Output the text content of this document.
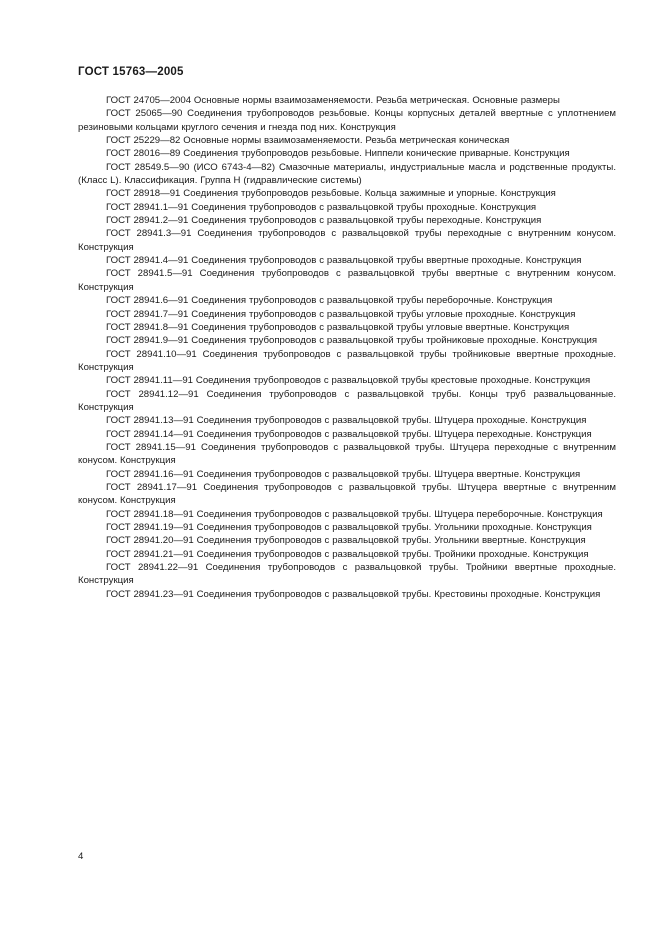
ГОСТ 15763—2005
ГОСТ 24705—2004 Основные нормы взаимозаменяемости. Резьба метрическая. Основные размеры
ГОСТ 25065—90 Соединения трубопроводов резьбовые. Концы корпусных деталей ввертные с уплотнением резиновыми кольцами круглого сечения и гнезда под них. Конструкция
ГОСТ 25229—82 Основные нормы взаимозаменяемости. Резьба метрическая коническая
ГОСТ 28016—89 Соединения трубопроводов резьбовые. Ниппели конические приварные. Конструкция
ГОСТ 28549.5—90 (ИСО 6743-4—82) Смазочные материалы, индустриальные масла и родственные продукты. (Класс L). Классификация. Группа Н (гидравлические системы)
ГОСТ 28918—91 Соединения трубопроводов резьбовые. Кольца зажимные и упорные. Конструкция
ГОСТ 28941.1—91 Соединения трубопроводов с развальцовкой трубы проходные. Конструкция
ГОСТ 28941.2—91 Соединения трубопроводов с развальцовкой трубы переходные. Конструкция
ГОСТ 28941.3—91 Соединения трубопроводов с развальцовкой трубы переходные с внутренним конусом. Конструкция
ГОСТ 28941.4—91 Соединения трубопроводов с развальцовкой трубы ввертные проходные. Конструкция
ГОСТ 28941.5—91 Соединения трубопроводов с развальцовкой трубы ввертные с внутренним конусом. Конструкция
ГОСТ 28941.6—91 Соединения трубопроводов с развальцовкой трубы переборочные. Конструкция
ГОСТ 28941.7—91 Соединения трубопроводов с развальцовкой трубы угловые проходные. Конструкция
ГОСТ 28941.8—91 Соединения трубопроводов с развальцовкой трубы угловые ввертные. Конструкция
ГОСТ 28941.9—91 Соединения трубопроводов с развальцовкой трубы тройниковые проходные. Конструкция
ГОСТ 28941.10—91 Соединения трубопроводов с развальцовкой трубы тройниковые ввертные проходные. Конструкция
ГОСТ 28941.11—91 Соединения трубопроводов с развальцовкой трубы крестовые проходные. Конструкция
ГОСТ 28941.12—91 Соединения трубопроводов с развальцовкой трубы. Концы труб развальцованные. Конструкция
ГОСТ 28941.13—91 Соединения трубопроводов с развальцовкой трубы. Штуцера проходные. Конструкция
ГОСТ 28941.14—91 Соединения трубопроводов с развальцовкой трубы. Штуцера переходные. Конструкция
ГОСТ 28941.15—91 Соединения трубопроводов с развальцовкой трубы. Штуцера переходные с внутренним конусом. Конструкция
ГОСТ 28941.16—91 Соединения трубопроводов с развальцовкой трубы. Штуцера ввертные. Конструкция
ГОСТ 28941.17—91 Соединения трубопроводов с развальцовкой трубы. Штуцера ввертные с внутренним конусом. Конструкция
ГОСТ 28941.18—91 Соединения трубопроводов с развальцовкой трубы. Штуцера переборочные. Конструкция
ГОСТ 28941.19—91 Соединения трубопроводов с развальцовкой трубы. Угольники проходные. Конструкция
ГОСТ 28941.20—91 Соединения трубопроводов с развальцовкой трубы. Угольники ввертные. Конструкция
ГОСТ 28941.21—91 Соединения трубопроводов с развальцовкой трубы. Тройники проходные. Конструкция
ГОСТ 28941.22—91 Соединения трубопроводов с развальцовкой трубы. Тройники ввертные проходные. Конструкция
ГОСТ 28941.23—91 Соединения трубопроводов с развальцовкой трубы. Крестовины проходные. Конструкция
4
